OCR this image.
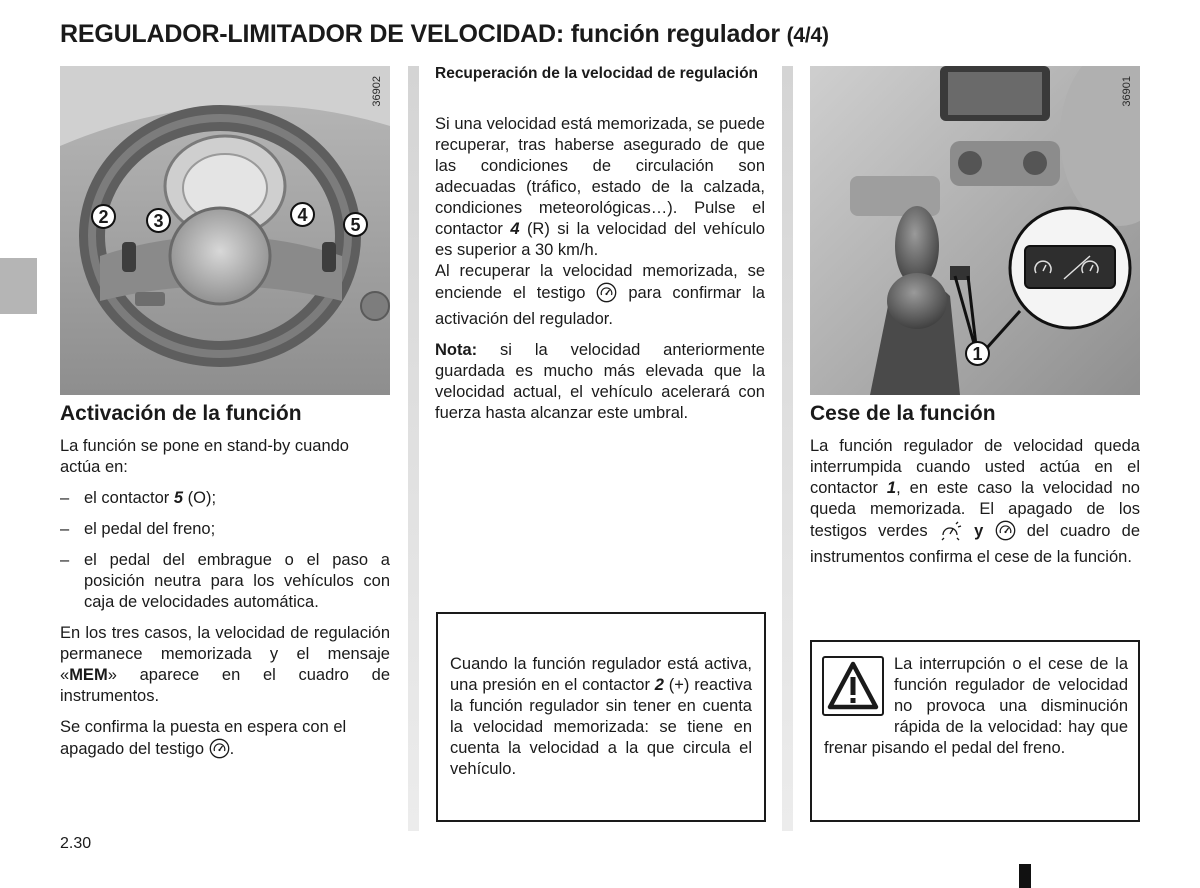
REGULADOR-LIMITADOR DE VELOCIDAD: función regulador (4/4)
36902
2	3	4	5
Activación de la función

La función se pone en stand-by cuando actúa en:

– el contactor 5 (O);
– el pedal del freno;
– el pedal del embrague o el paso a posición neutra para los vehículos con caja de velocidades automática.

En los tres casos, la velocidad de regulación permanece memorizada y el mensaje «MEM» aparece en el cuadro de instrumentos.

Se confirma la puesta en espera con el apagado del testigo .

Recuperación de la velocidad de regulación

Si una velocidad está memorizada, se puede recuperar, tras haberse asegurado de que las condiciones de circulación son adecuadas (tráfico, estado de la calzada, condiciones meteorológicas…). Pulse el contactor 4 (R) si la velocidad del vehículo es superior a 30 km/h.

Al recuperar la velocidad memorizada, se enciende el testigo	para confirmar la activación del regulador.

Nota: si la velocidad anteriormente guardada es mucho más elevada que la velocidad actual, el vehículo acelerará con fuerza hasta alcanzar este umbral.

Cuando la función regulador está activa, una presión en el contactor 2 (+) reactiva la función regulador sin tener en cuenta la velocidad memorizada: se tiene en cuenta la velocidad a la que circula el vehículo.
36901
1
Cese de la función

La función regulador de velocidad queda interrumpida cuando usted actúa en el contactor 1, en este caso la velocidad no queda memorizada. El apagado de los testigos verdes	y	del cuadro de instrumentos confirma el cese de la función.

La interrupción o el cese de la función regulador de velocidad no provoca una disminución rápida de la velocidad: hay que frenar pisando el pedal del freno.
2.30
